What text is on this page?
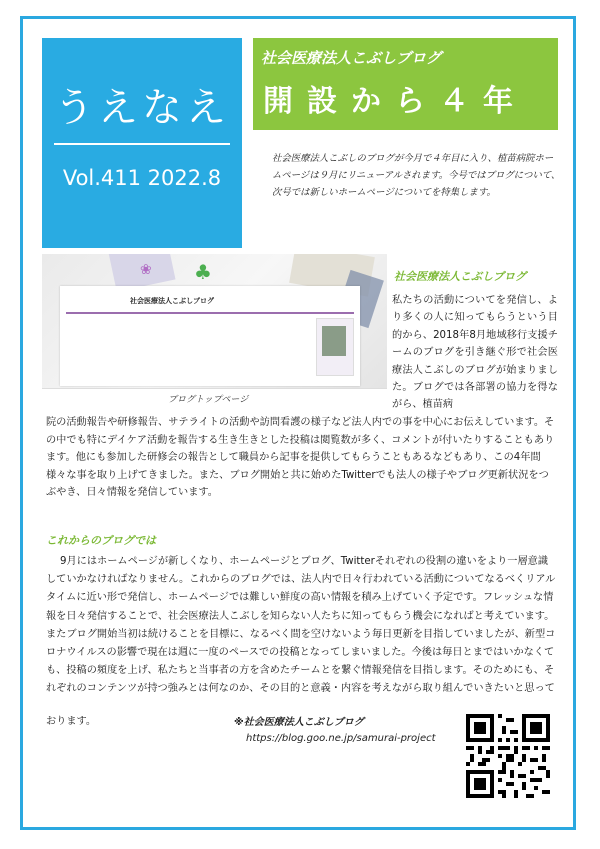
うえなえ
Vol.411 2022.8
社会医療法人こぶしブログ
開設から４年
社会医療法人こぶしのブログが今月で４年目に入り、植苗病院ホームページは９月にリニューアルされます。今号ではブログについて、次号では新しいホームページについてを特集します。
❀ ♣
社会医療法人こぶしブログ
ブログトップページ
社会医療法人こぶしブログ
私たちの活動についてを発信し、より多くの人に知ってもらうという目的から、2018年8月地域移行支援チームのブログを引き継ぐ形で社会医療法人こぶしのブログが始まりました。ブログでは各部署の協力を得ながら、植苗病
院の活動報告や研修報告、サテライトの活動や訪問看護の様子など法人内での事を中心にお伝えしています。その中でも特にデイケア活動を報告する生き生きとした投稿は閲覧数が多く、コメントが付いたりすることもあります。他にも参加した研修会の報告として職員から記事を提供してもらうこともあるなどもあり、この4年間様々な事を取り上げてきました。また、ブログ開始と共に始めたTwitterでも法人の様子やブログ更新状況をつぶやき、日々情報を発信しています。
これからのブログでは
9月にはホームページが新しくなり、ホームページとブログ、Twitterそれぞれの役割の違いをより一層意識していかなければなりません。これからのブログでは、法人内で日々行われている活動についてなるべくリアルタイムに近い形で発信し、ホームページでは難しい鮮度の高い情報を積み上げていく予定です。フレッシュな情報を日々発信することで、社会医療法人こぶしを知らない人たちに知ってもらう機会になればと考えています。またブログ開始当初は続けることを目標に、なるべく間を空けないよう毎日更新を目指していましたが、新型コロナウイルスの影響で現在は週に一度のペースでの投稿となってしまいました。今後は毎日とまではいかなくても、投稿の頻度を上げ、私たちと当事者の方を含めたチームとを繋ぐ情報発信を目指します。そのためにも、それぞれのコンテンツが持つ強みとは何なのか、その目的と意義・内容を考えながら取り組んでいきたいと思って
おります。	※社会医療法人こぶしブログ
https://blog.goo.ne.jp/samurai-project
